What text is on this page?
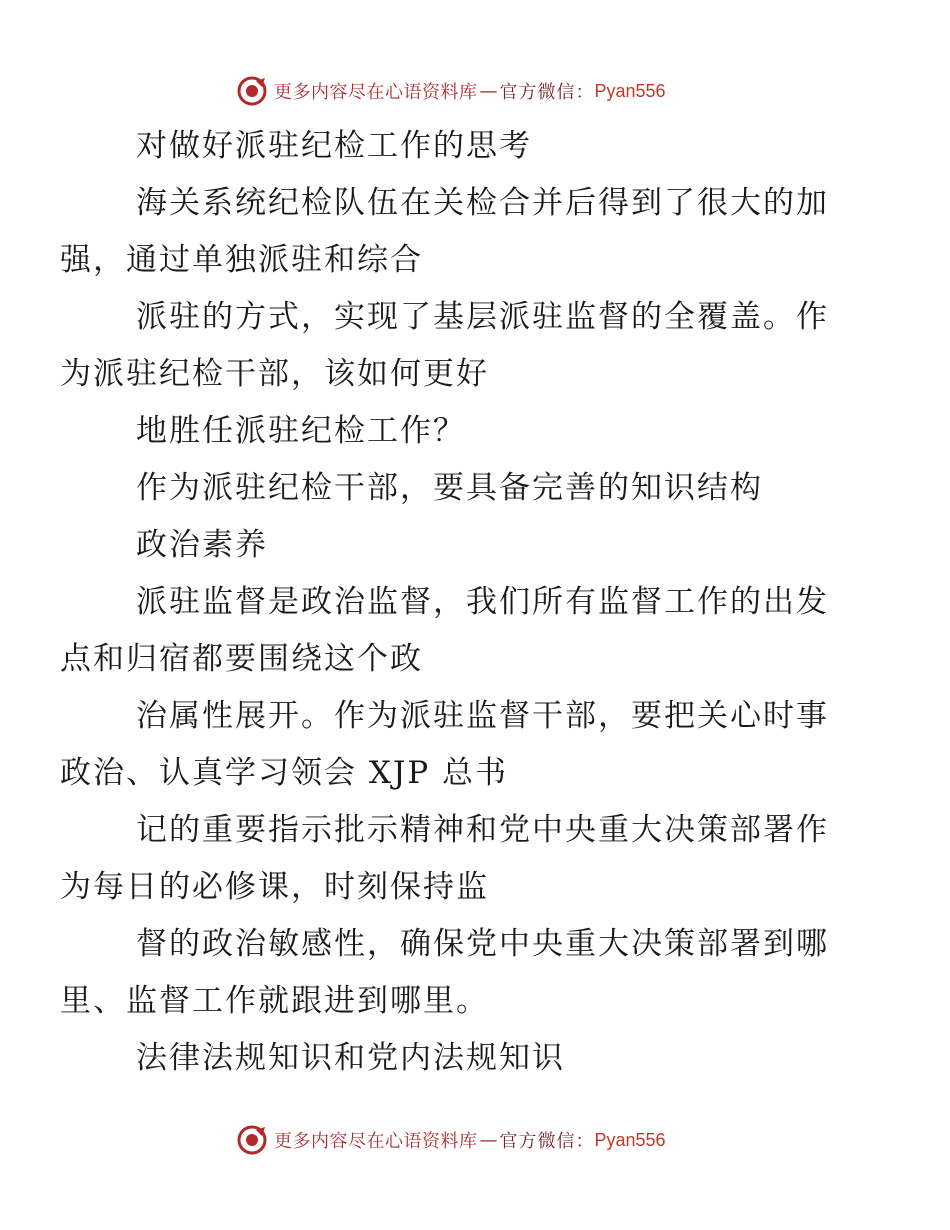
更多内容尽在心语资料库 — 官方微信： Pyan556

对做好派驻纪检工作的思考

海关系统纪检队伍在关检合并后得到了很大的加
强，通过单独派驻和综合

派驻的方式，实现了基层派驻监督的全覆盖。作
为派驻纪检干部，该如何更好

地胜任派驻纪检工作？

作为派驻纪检干部，要具备完善的知识结构

政治素养

派驻监督是政治监督，我们所有监督工作的出发
点和归宿都要围绕这个政

治属性展开。作为派驻监督干部，要把关心时事
政治、认真学习领会 XJP 总书

记的重要指示批示精神和党中央重大决策部署作
为每日的必修课，时刻保持监

督的政治敏感性，确保党中央重大决策部署到哪
里、监督工作就跟进到哪里。

法律法规知识和党内法规知识

更多内容尽在心语资料库 — 官方微信： Pyan556
